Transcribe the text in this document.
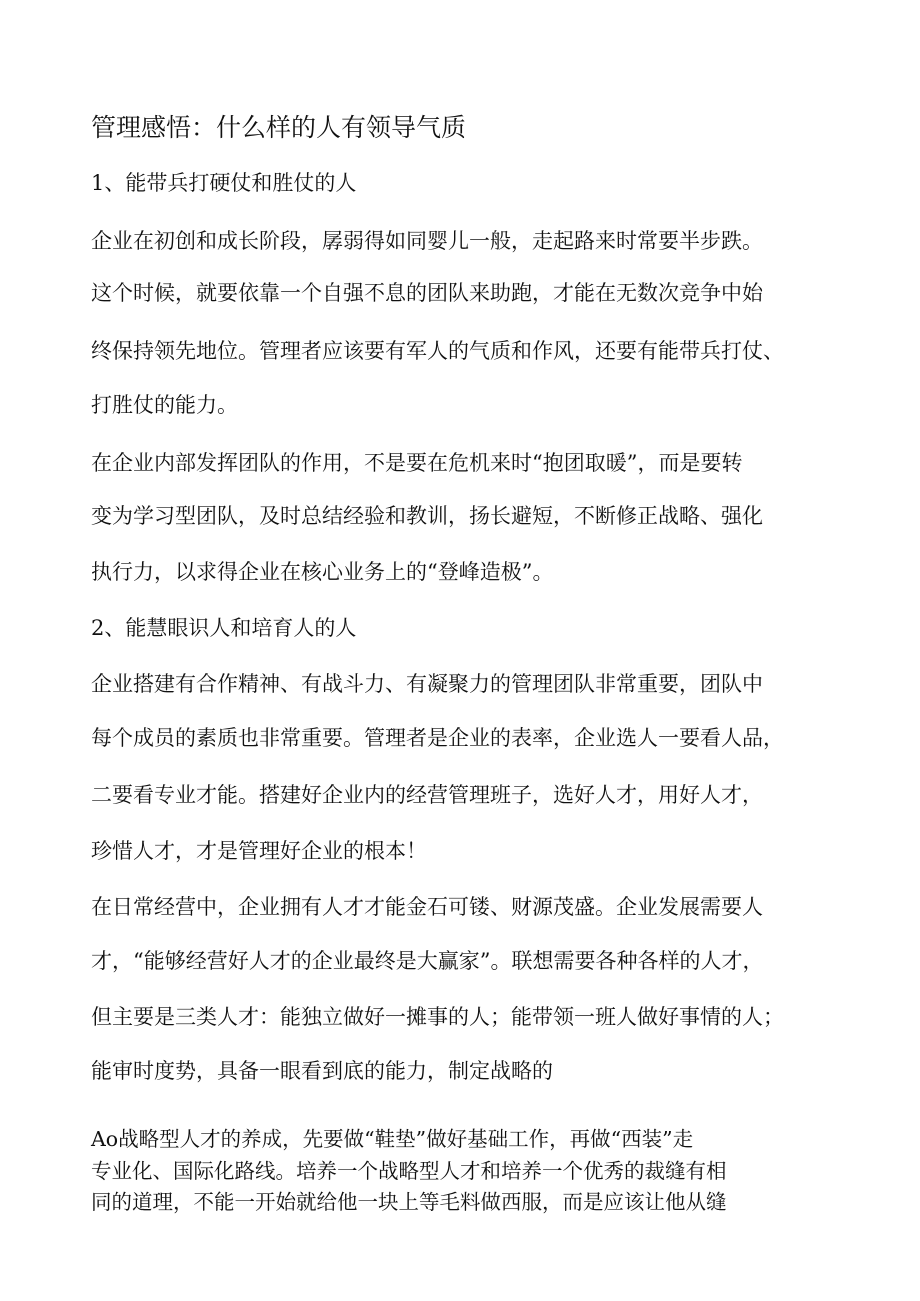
管理感悟：什么样的人有领导气质
1、能带兵打硬仗和胜仗的人
企业在初创和成长阶段，孱弱得如同婴儿一般，走起路来时常要半步跌。
这个时候，就要依靠一个自强不息的团队来助跑，才能在无数次竞争中始
终保持领先地位。管理者应该要有军人的气质和作风，还要有能带兵打仗、
打胜仗的能力。
在企业内部发挥团队的作用，不是要在危机来时“抱团取暖”，而是要转
变为学习型团队，及时总结经验和教训，扬长避短，不断修正战略、强化
执行力，以求得企业在核心业务上的“登峰造极”。
2、能慧眼识人和培育人的人
企业搭建有合作精神、有战斗力、有凝聚力的管理团队非常重要，团队中
每个成员的素质也非常重要。管理者是企业的表率，企业选人一要看人品，
二要看专业才能。搭建好企业内的经营管理班子，选好人才，用好人才，
珍惜人才，才是管理好企业的根本！
在日常经营中，企业拥有人才才能金石可镂、财源茂盛。企业发展需要人
才，“能够经营好人才的企业最终是大赢家”。联想需要各种各样的人才，
但主要是三类人才：能独立做好一摊事的人；能带领一班人做好事情的人；
能审时度势，具备一眼看到底的能力，制定战略的
Ao战略型人才的养成，先要做“鞋垫”做好基础工作，再做“西装”走
专业化、国际化路线。培养一个战略型人才和培养一个优秀的裁缝有相
同的道理，不能一开始就给他一块上等毛料做西服，而是应该让他从缝
